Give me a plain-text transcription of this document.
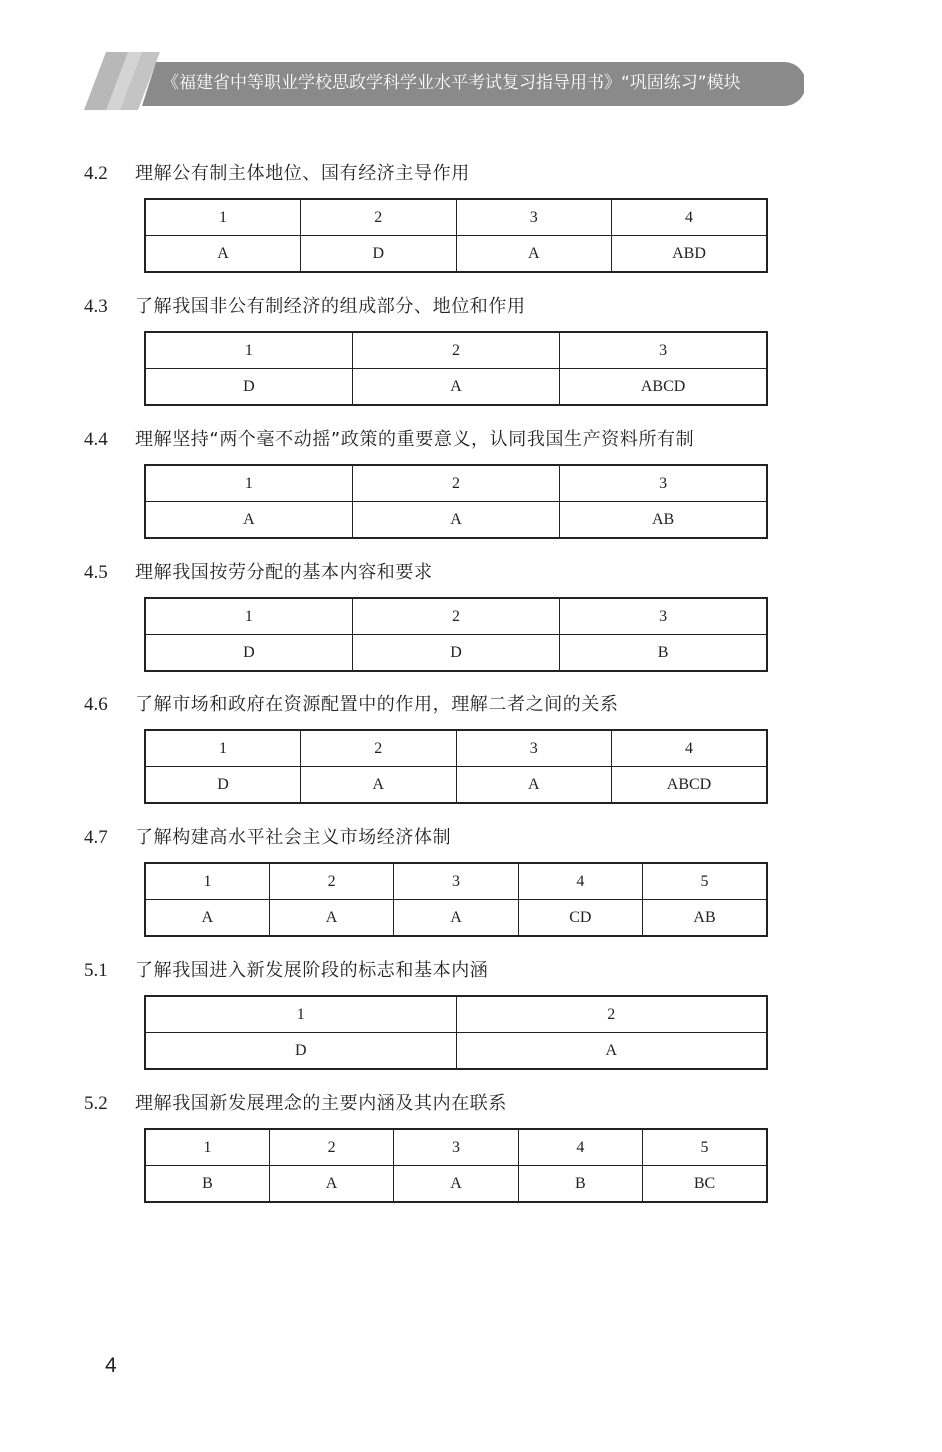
《福建省中等职业学校思政学科学业水平考试复习指导用书》“巩固练习”模块
4.2	理解公有制主体地位、国有经济主导作用
1	2	3	4
A	D	A	ABD
4.3	了解我国非公有制经济的组成部分、地位和作用
1	2	3
D	A	ABCD
4.4	理解坚持“两个毫不动摇”政策的重要意义，认同我国生产资料所有制
1	2	3
A	A	AB
4.5	理解我国按劳分配的基本内容和要求
1	2	3
D	D	B
4.6	了解市场和政府在资源配置中的作用，理解二者之间的关系
1	2	3	4
D	A	A	ABCD
4.7	了解构建高水平社会主义市场经济体制
1	2	3	4	5
A	A	A	CD	AB
5.1	了解我国进入新发展阶段的标志和基本内涵
1	2
D	A
5.2	理解我国新发展理念的主要内涵及其内在联系
1	2	3	4	5
B	A	A	B	BC
4
